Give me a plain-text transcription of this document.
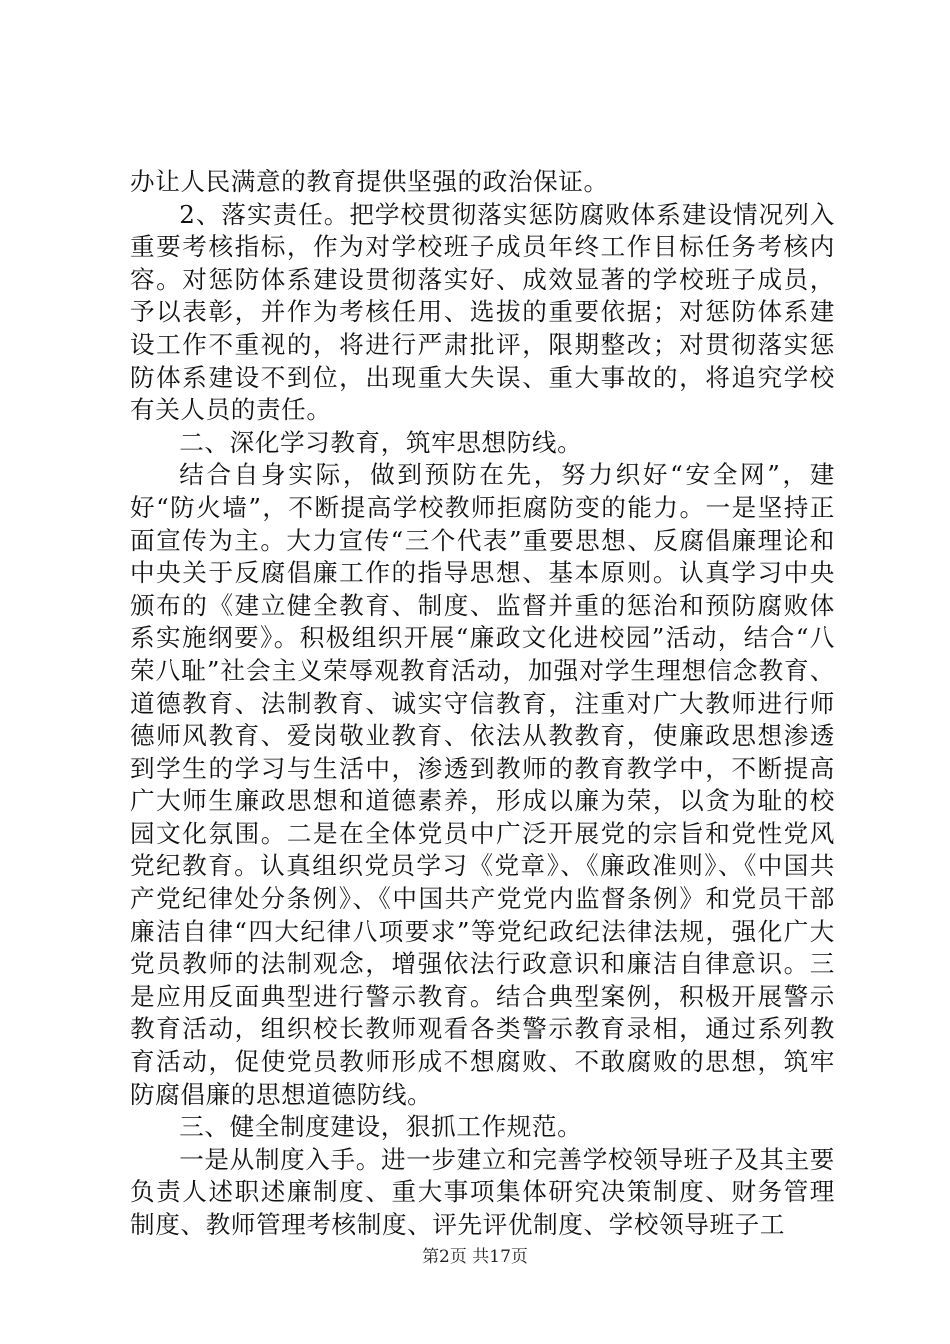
办让人民满意的教育提供坚强的政治保证。

2、落实责任。把学校贯彻落实惩防腐败体系建设情况列入重要考核指标，作为对学校班子成员年终工作目标任务考核内容。对惩防体系建设贯彻落实好、成效显著的学校班子成员，予以表彰，并作为考核任用、选拔的重要依据；对惩防体系建设工作不重视的，将进行严肃批评，限期整改；对贯彻落实惩防体系建设不到位，出现重大失误、重大事故的，将追究学校有关人员的责任。

二、深化学习教育，筑牢思想防线。

结合自身实际，做到预防在先，努力织好“安全网”，建好“防火墙”，不断提高学校教师拒腐防变的能力。一是坚持正面宣传为主。大力宣传“三个代表”重要思想、反腐倡廉理论和中央关于反腐倡廉工作的指导思想、基本原则。认真学习中央颁布的《建立健全教育、制度、监督并重的惩治和预防腐败体系实施纲要》。积极组织开展“廉政文化进校园”活动，结合“八荣八耻”社会主义荣辱观教育活动，加强对学生理想信念教育、道德教育、法制教育、诚实守信教育，注重对广大教师进行师德师风教育、爱岗敬业教育、依法从教教育，使廉政思想渗透到学生的学习与生活中，渗透到教师的教育教学中，不断提高广大师生廉政思想和道德素养，形成以廉为荣，以贪为耻的校园文化氛围。二是在全体党员中广泛开展党的宗旨和党性党风党纪教育。认真组织党员学习《党章》、《廉政准则》、《中国共产党纪律处分条例》、《中国共产党党内监督条例》和党员干部廉洁自律“四大纪律八项要求”等党纪政纪法律法规，强化广大党员教师的法制观念，增强依法行政意识和廉洁自律意识。三是应用反面典型进行警示教育。结合典型案例，积极开展警示教育活动，组织校长教师观看各类警示教育录相，通过系列教育活动，促使党员教师形成不想腐败、不敢腐败的思想，筑牢防腐倡廉的思想道德防线。

三、健全制度建设，狠抓工作规范。

一是从制度入手。进一步建立和完善学校领导班子及其主要负责人述职述廉制度、重大事项集体研究决策制度、财务管理制度、教师管理考核制度、评先评优制度、学校领导班子工

第2页 共17页
